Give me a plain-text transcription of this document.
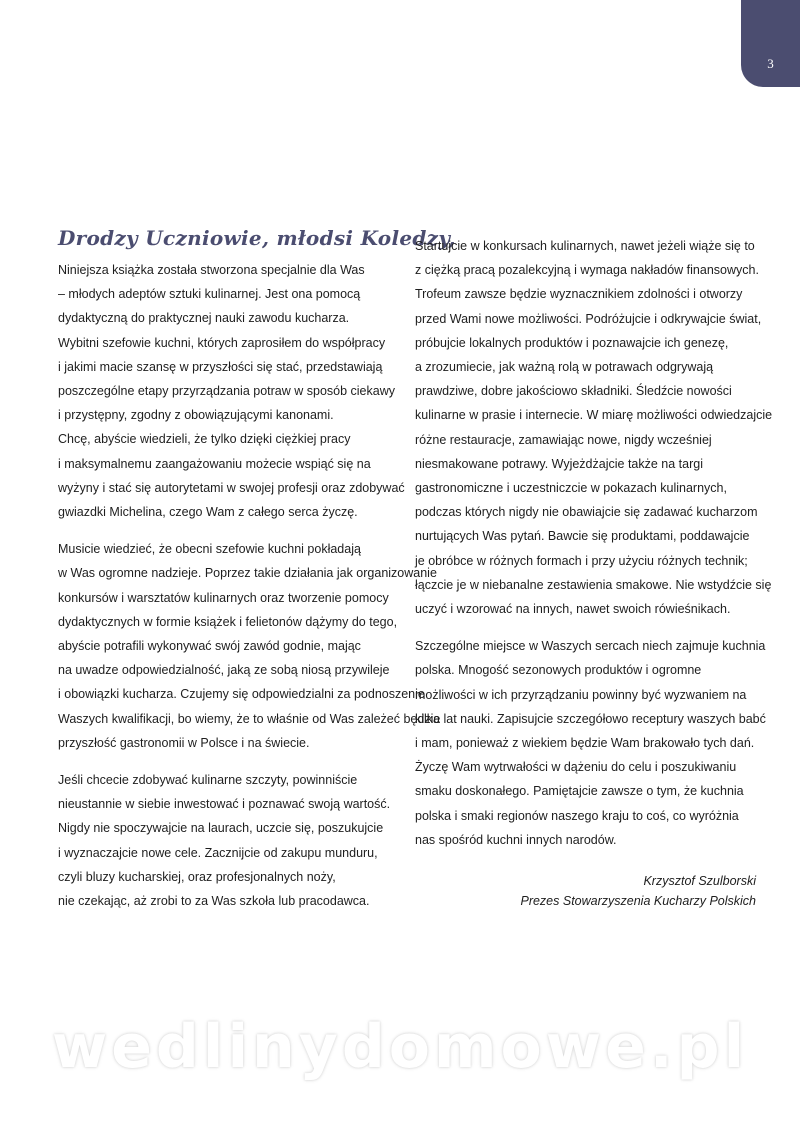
3
Drodzy Uczniowie, młodsi Koledzy,

Niniejsza książka została stworzona specjalnie dla Was
– młodych adeptów sztuki kulinarnej. Jest ona pomocą
dydaktyczną do praktycznej nauki zawodu kucharza.
Wybitni szefowie kuchni, których zaprosiłem do współpracy
i jakimi macie szansę w przyszłości się stać, przedstawiają
poszczególne etapy przyrządzania potraw w sposób ciekawy
i przystępny, zgodny z obowiązującymi kanonami.
Chcę, abyście wiedzieli, że tylko dzięki ciężkiej pracy
i maksymalnemu zaangażowaniu możecie wspiąć się na
wyżyny i stać się autorytetami w swojej profesji oraz zdobywać
gwiazdki Michelina, czego Wam z całego serca życzę.

Musicie wiedzieć, że obecni szefowie kuchni pokładają
w Was ogromne nadzieje. Poprzez takie działania jak organizowanie
konkursów i warsztatów kulinarnych oraz tworzenie pomocy
dydaktycznych w formie książek i felietonów dążymy do tego,
abyście potrafili wykonywać swój zawód godnie, mając
na uwadze odpowiedzialność, jaką ze sobą niosą przywileje
i obowiązki kucharza. Czujemy się odpowiedzialni za podnoszenie
Waszych kwalifikacji, bo wiemy, że to właśnie od Was zależeć będzie
przyszłość gastronomii w Polsce i na świecie.

Jeśli chcecie zdobywać kulinarne szczyty, powinniście
nieustannie w siebie inwestować i poznawać swoją wartość.
Nigdy nie spoczywajcie na laurach, uczcie się, poszukujcie
i wyznaczajcie nowe cele. Zacznijcie od zakupu munduru,
czyli bluzy kucharskiej, oraz profesjonalnych noży,
nie czekając, aż zrobi to za Was szkoła lub pracodawca.

Startujcie w konkursach kulinarnych, nawet jeżeli wiąże się to
z ciężką pracą pozalekcyjną i wymaga nakładów finansowych.
Trofeum zawsze będzie wyznacznikiem zdolności i otworzy
przed Wami nowe możliwości. Podróżujcie i odkrywajcie świat,
próbujcie lokalnych produktów i poznawajcie ich genezę,
a zrozumiecie, jak ważną rolą w potrawach odgrywają
prawdziwe, dobre jakościowo składniki. Śledźcie nowości
kulinarne w prasie i internecie. W miarę możliwości odwiedzajcie
różne restauracje, zamawiając nowe, nigdy wcześniej
niesmakowane potrawy. Wyjeżdżajcie także na targi
gastronomiczne i uczestniczcie w pokazach kulinarnych,
podczas których nigdy nie obawiajcie się zadawać kucharzom
nurtujących Was pytań. Bawcie się produktami, poddawajcie
je obróbce w różnych formach i przy użyciu różnych technik;
łączcie je w niebanalne zestawienia smakowe. Nie wstydźcie się
uczyć i wzorować na innych, nawet swoich rówieśnikach.

Szczególne miejsce w Waszych sercach niech zajmuje kuchnia
polska. Mnogość sezonowych produktów i ogromne
możliwości w ich przyrządzaniu powinny być wyzwaniem na
kilka lat nauki. Zapisujcie szczegółowo receptury waszych babć
i mam, ponieważ z wiekiem będzie Wam brakowało tych dań.
Życzę Wam wytrwałości w dążeniu do celu i poszukiwaniu
smaku doskonałego. Pamiętajcie zawsze o tym, że kuchnia
polska i smaki regionów naszego kraju to coś, co wyróżnia
nas spośród kuchni innych narodów.

Krzysztof Szulborski
Prezes Stowarzyszenia Kucharzy Polskich
wedlinydomowe.pl
